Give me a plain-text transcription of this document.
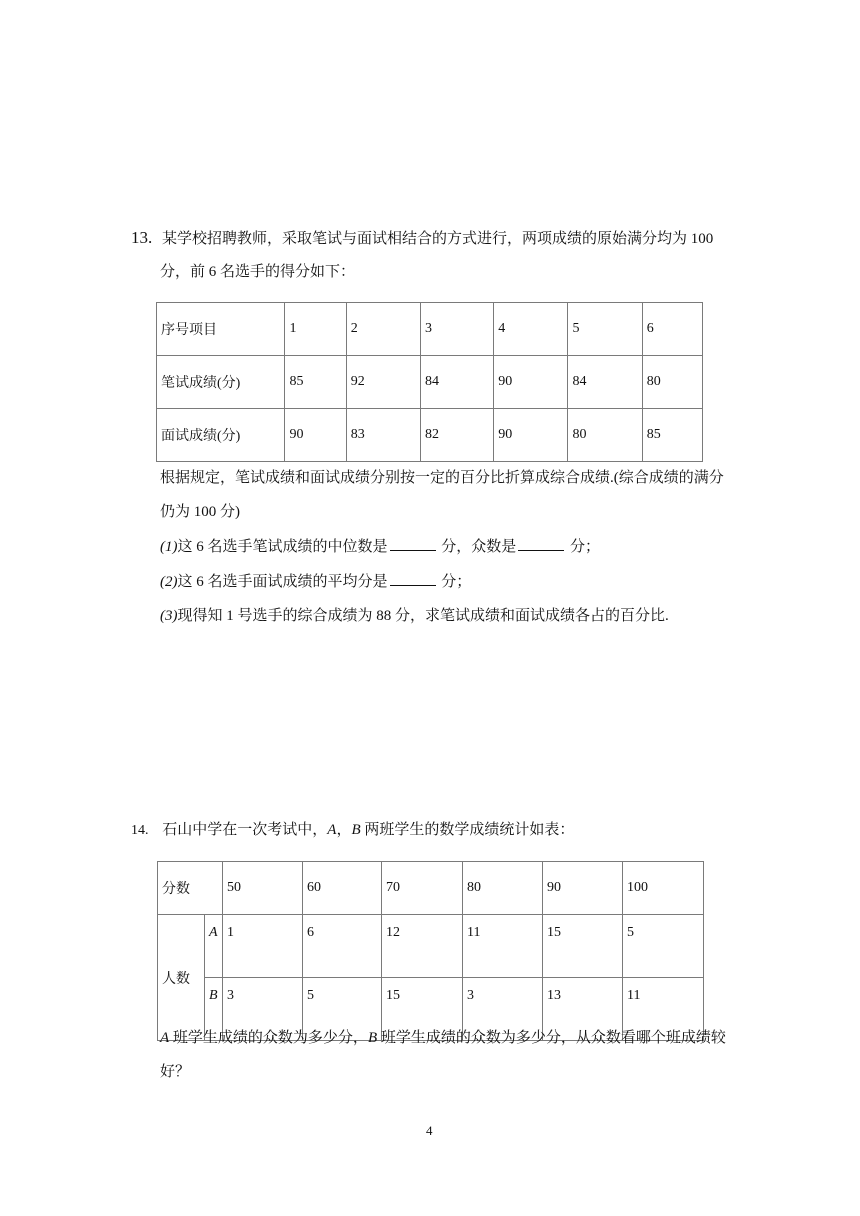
13. 某学校招聘教师，采取笔试与面试相结合的方式进行，两项成绩的原始满分均为 100
分，前 6 名选手的得分如下：
序号项目	1	2	3	4	5	6
笔试成绩(分)	85	92	84	90	84	80
面试成绩(分)	90	83	82	90	80	85
根据规定，笔试成绩和面试成绩分别按一定的百分比折算成综合成绩.(综合成绩的满分
仍为 100 分)
(1)这 6 名选手笔试成绩的中位数是	分，众数是	分；
(2)这 6 名选手面试成绩的平均分是	分；
(3)现得知 1 号选手的综合成绩为 88 分，求笔试成绩和面试成绩各占的百分比.
14. 石山中学在一次考试中，A，B 两班学生的数学成绩统计如表：
分数		50	60	70	80	90	100
人数	A	1	6	12	11	15	5
	B	3	5	15	3	13	11
A 班学生成绩的众数为多少分，B 班学生成绩的众数为多少分，从众数看哪个班成绩较
好？
4
